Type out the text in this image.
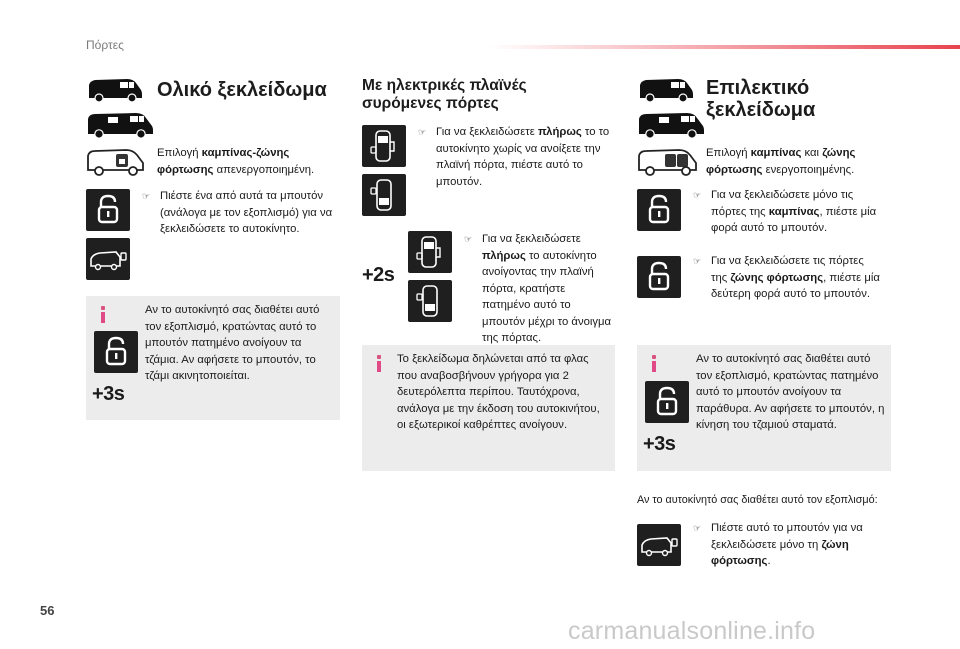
Πόρτες
Ολικό ξεκλείδωμα
Επιλογή καμπίνας-ζώνης φόρτωσης απενεργοποιημένη.
☞ Πιέστε ένα από αυτά τα μπουτόν (ανάλογα με τον εξοπλισμό) για να ξεκλειδώσετε το αυτοκίνητο.
+3s
Αν το αυτοκίνητό σας διαθέτει αυτό τον εξοπλισμό, κρατώντας αυτό το μπουτόν πατημένο ανοίγουν τα τζάμια. Αν αφήσετε το μπουτόν, το τζάμι ακινητοποιείται.
Με ηλεκτρικές πλαϊνές
συρόμενες πόρτες
☞ Για να ξεκλειδώσετε πλήρως το το αυτοκίνητο χωρίς να ανοίξετε την πλαϊνή πόρτα, πιέστε αυτό το μπουτόν.
+2s
☞ Για να ξεκλειδώσετε πλήρως το αυτοκίνητο ανοίγοντας την πλαϊνή πόρτα, κρατήστε πατημένο αυτό το μπουτόν μέχρι το άνοιγμα της πόρτας.
Το ξεκλείδωμα δηλώνεται από τα φλας που αναβοσβήνουν γρήγορα για 2 δευτερόλεπτα περίπου. Ταυτόχρονα, ανάλογα με την έκδοση του αυτοκινήτου, οι εξωτερικοί καθρέπτες ανοίγουν.
Επιλεκτικό
ξεκλείδωμα
Επιλογή καμπίνας και ζώνης φόρτωσης ενεργοποιημένης.
☞ Για να ξεκλειδώσετε μόνο τις πόρτες της καμπίνας, πιέστε μία φορά αυτό το μπουτόν.
☞ Για να ξεκλειδώσετε τις πόρτες της ζώνης φόρτωσης, πιέστε μία δεύτερη φορά αυτό το μπουτόν.
+3s
Αν το αυτοκίνητό σας διαθέτει αυτό τον εξοπλισμό, κρατώντας πατημένο αυτό το μπουτόν ανοίγουν τα παράθυρα. Αν αφήσετε το μπουτόν, η κίνηση του τζαμιού σταματά.
Αν το αυτοκίνητό σας διαθέτει αυτό τον εξοπλισμό:
☞ Πιέστε αυτό το μπουτόν για να ξεκλειδώσετε μόνο τη ζώνη φόρτωσης.
56
carmanualsonline.info
